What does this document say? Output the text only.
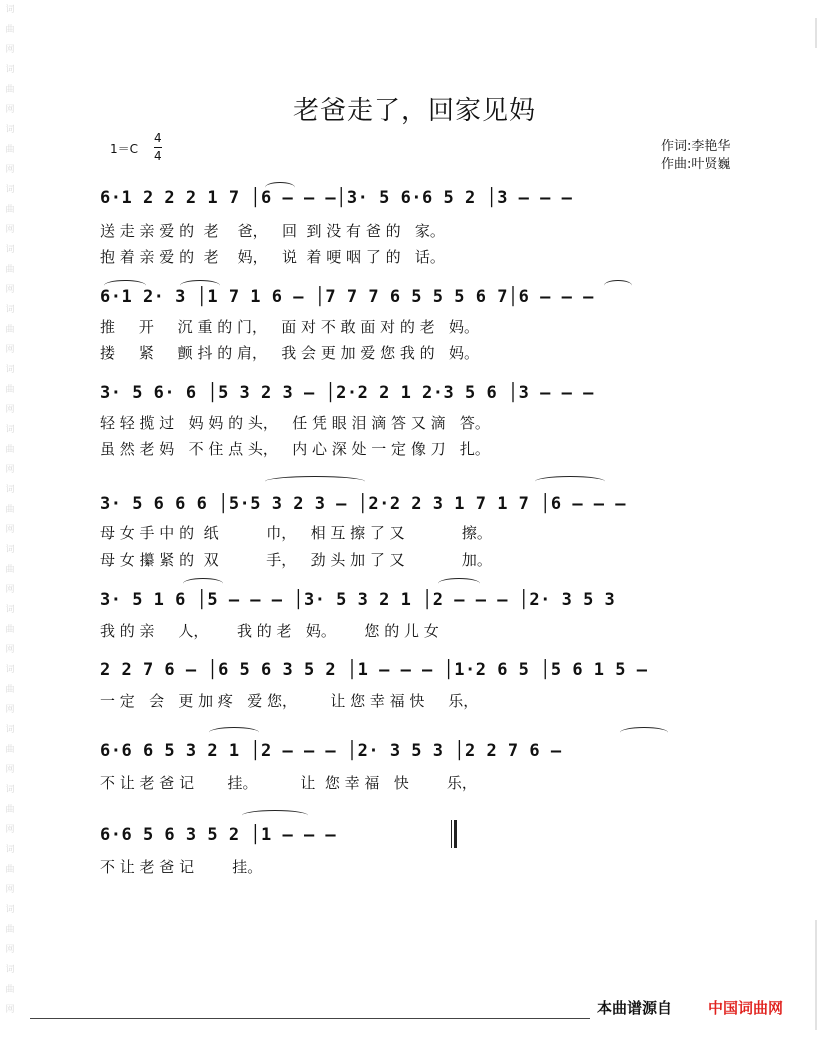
词
曲
网
词
曲
网
词
曲
网
词
曲
网
词
曲
网
词
曲
网
词
曲
网
词
曲
网
词
曲
网
词
曲
网
词
曲
网
词
曲
网
词
曲
网
词
曲
网
词
曲
网
词
曲
网
词
曲
网
老爸走了，回家见妈
1＝C
4
4
作词:李艳华
作曲:叶贤巍
6·1 2 2 2 1 7 │6 – – –│3· 5 6·6 5 2 │3 – – –
送 走 亲 爱 的  老    爸，   回  到 没 有 爸 的   家。
抱 着 亲 爱 的  老    妈，   说  着 哽 咽 了 的   话。
6·1 2· 3 │1 7 1 6 – │7 7 7 6 5 5 5 6 7│6 – – –
推     开     沉 重 的 门，   面 对 不 敢 面 对 的 老   妈。
搂     紧     颤 抖 的 肩，   我 会 更 加 爱 您 我 的   妈。
3· 5 6· 6 │5 3 2 3 – │2·2 2 1 2·3 5 6 │3 – – –
轻 轻 揽 过   妈 妈 的 头，   任 凭 眼 泪 滴 答 又 滴   答。
虽 然 老 妈   不 住 点 头，   内 心 深 处 一 定 像 刀   扎。
3· 5 6 6 6 │5·5 3 2 3 – │2·2 2 3 1 7 1 7 │6 – – –
母 女 手 中 的  纸          巾，   相 互 擦 了 又            擦。
母 女 攥 紧 的  双          手，   劲 头 加 了 又            加。
3· 5 1 6 │5 – – – │3· 5 3 2 1 │2 – – – │2· 3 5 3
我 的 亲     人，      我 的 老   妈。      您 的 儿 女
2 2 7 6 – │6 5 6 3 5 2 │1 – – – │1·2 6 5 │5 6 1 5 –
一 定   会   更 加 疼   爱 您，       让 您 幸 福 快     乐，
6·6 6 5 3 2 1 │2 – – – │2· 3 5 3 │2 2 7 6 –
不 让 老 爸 记       挂。         让  您 幸 福   快        乐，
6·6 5 6 3 5 2 │1 – – –
不 让 老 爸 记        挂。
本曲谱源自 中国词曲网
